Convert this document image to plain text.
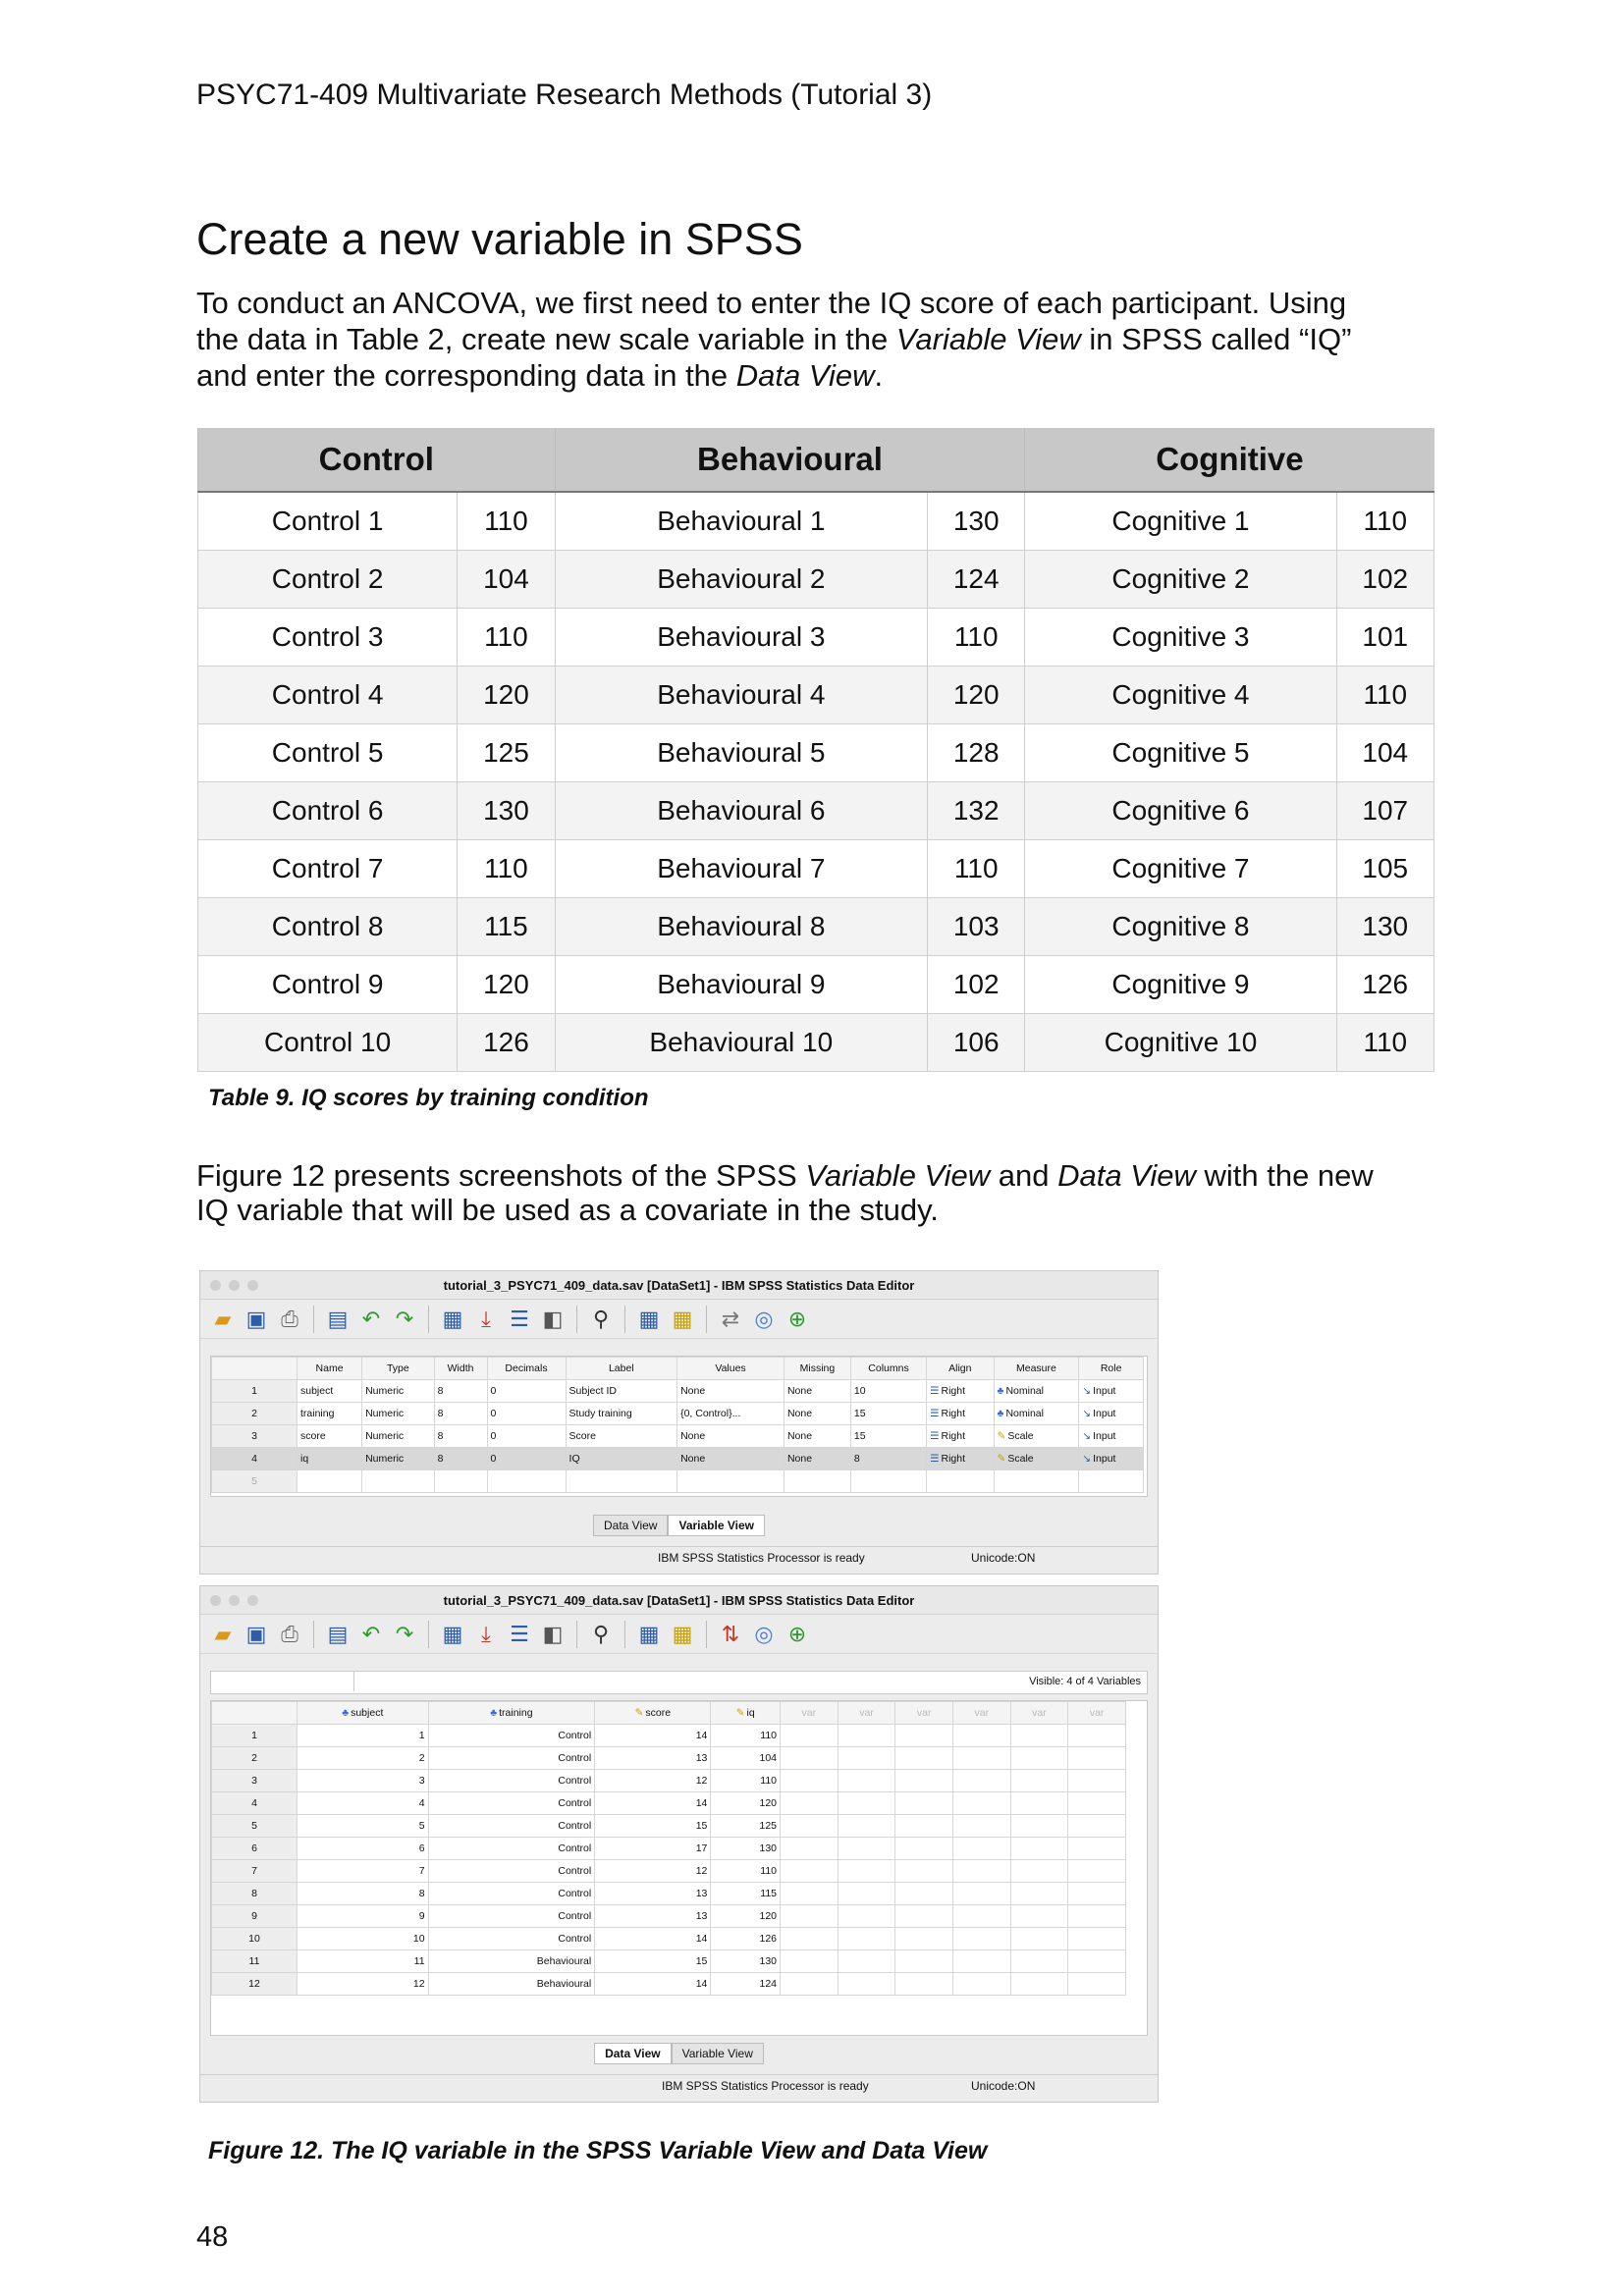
PSYC71-409 Multivariate Research Methods (Tutorial 3)
Create a new variable in SPSS
To conduct an ANCOVA, we first need to enter the IQ score of each participant. Using
the data in Table 2, create new scale variable in the Variable View in SPSS called “IQ”
and enter the corresponding data in the Data View.
Control		Behavioural		Cognitive	
Control 1	110	Behavioural 1	130	Cognitive 1	110
Control 2	104	Behavioural 2	124	Cognitive 2	102
Control 3	110	Behavioural 3	110	Cognitive 3	101
Control 4	120	Behavioural 4	120	Cognitive 4	110
Control 5	125	Behavioural 5	128	Cognitive 5	104
Control 6	130	Behavioural 6	132	Cognitive 6	107
Control 7	110	Behavioural 7	110	Cognitive 7	105
Control 8	115	Behavioural 8	103	Cognitive 8	130
Control 9	120	Behavioural 9	102	Cognitive 9	126
Control 10	126	Behavioural 10	106	Cognitive 10	110
Table 9. IQ scores by training condition
Figure 12 presents screenshots of the SPSS Variable View and Data View with the new
IQ variable that will be used as a covariate in the study.
tutorial_3_PSYC71_409_data.sav [DataSet1] - IBM SPSS Statistics Data Editor
▰ ▣ ⎙ ▤ ↶ ↷ ▦ ⤓ ☰ ◧	⚲	▦ ▦ ⇄ ◎ ⊕
	Name	Type	Width	Decimals	Label	Values	Missing	Columns	Align	Measure	Role
1	subject	Numeric	8	0	Subject ID	None	None	10	☰ Right	♣ Nominal	↘ Input
2	training	Numeric	8	0	Study training	{0, Control}...	None	15	☰ Right	♣ Nominal	↘ Input
3	score	Numeric	8	0	Score	None	None	15	☰ Right	✎ Scale	↘ Input
4	iq	Numeric	8	0	IQ	None	None	8	☰ Right	✎ Scale	↘ Input
5											
Data View Variable View
IBM SPSS Statistics Processor is ready	Unicode:ON
tutorial_3_PSYC71_409_data.sav [DataSet1] - IBM SPSS Statistics Data Editor
▰ ▣ ⎙ ▤ ↶ ↷ ▦ ⤓ ☰ ◧	⚲	▦ ▦ ⇅ ◎ ⊕
Visible: 4 of 4 Variables
	♣ subject	♣ training	✎ score	✎ iq	var	var	var	var	var	var
1	1	Control	14	110						
2	2	Control	13	104						
3	3	Control	12	110						
4	4	Control	14	120						
5	5	Control	15	125						
6	6	Control	17	130						
7	7	Control	12	110						
8	8	Control	13	115						
9	9	Control	13	120						
10	10	Control	14	126						
11	11	Behavioural	15	130						
12	12	Behavioural	14	124						
Data View Variable View
IBM SPSS Statistics Processor is ready	Unicode:ON
Figure 12. The IQ variable in the SPSS Variable View and Data View
48
